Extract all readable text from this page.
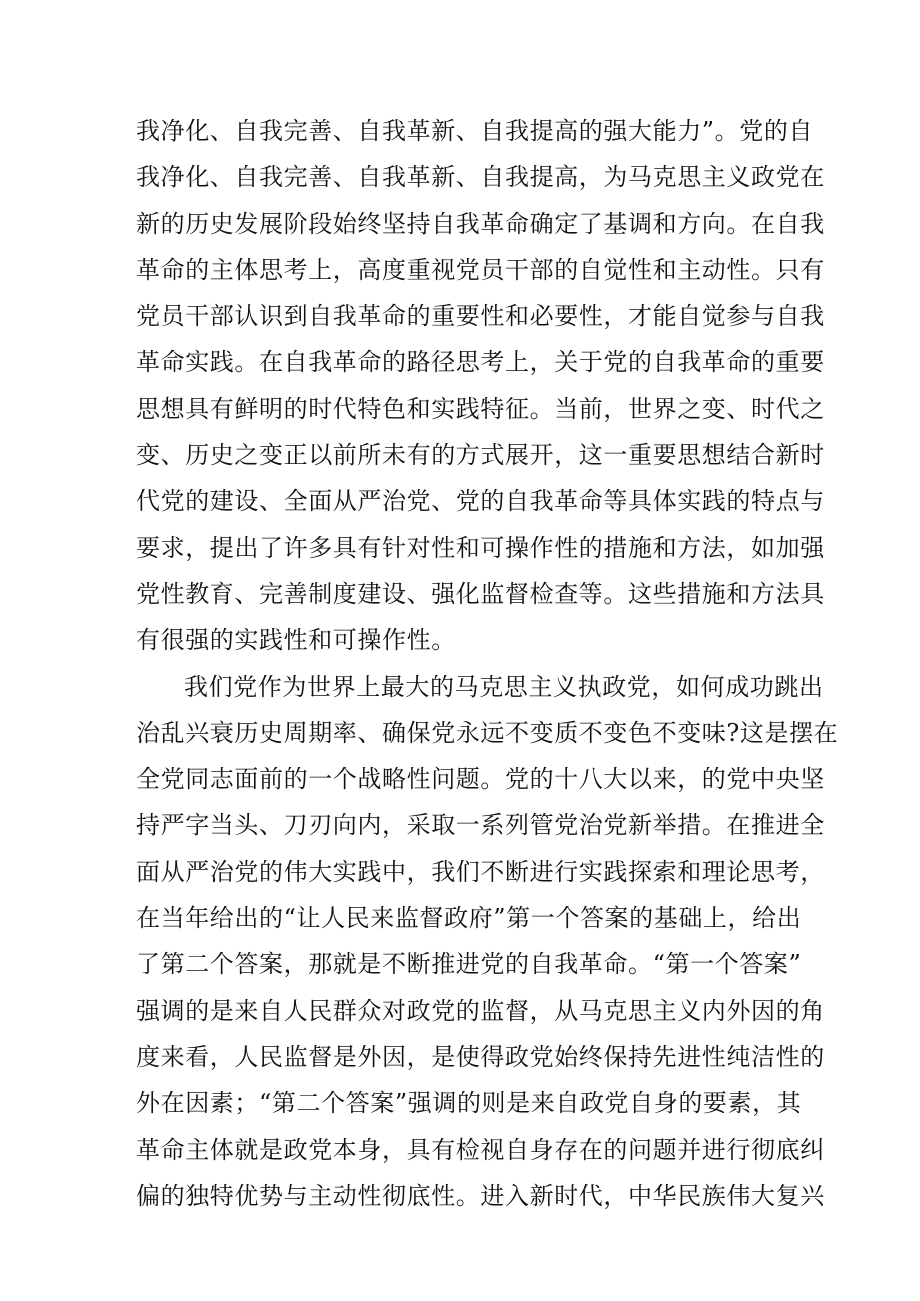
我净化、自我完善、自我革新、自我提高的强大能力”。党的自
我净化、自我完善、自我革新、自我提高，为马克思主义政党在
新的历史发展阶段始终坚持自我革命确定了基调和方向。在自我
革命的主体思考上，高度重视党员干部的自觉性和主动性。只有
党员干部认识到自我革命的重要性和必要性，才能自觉参与自我
革命实践。在自我革命的路径思考上，关于党的自我革命的重要
思想具有鲜明的时代特色和实践特征。当前，世界之变、时代之
变、历史之变正以前所未有的方式展开，这一重要思想结合新时
代党的建设、全面从严治党、党的自我革命等具体实践的特点与
要求，提出了许多具有针对性和可操作性的措施和方法，如加强
党性教育、完善制度建设、强化监督检查等。这些措施和方法具
有很强的实践性和可操作性。
我们党作为世界上最大的马克思主义执政党，如何成功跳出
治乱兴衰历史周期率、确保党永远不变质不变色不变味?这是摆在
全党同志面前的一个战略性问题。党的十八大以来，的党中央坚
持严字当头、刀刃向内，采取一系列管党治党新举措。在推进全
面从严治党的伟大实践中，我们不断进行实践探索和理论思考，
在当年给出的“让人民来监督政府”第一个答案的基础上，给出
了第二个答案，那就是不断推进党的自我革命。“第一个答案”
强调的是来自人民群众对政党的监督，从马克思主义内外因的角
度来看，人民监督是外因，是使得政党始终保持先进性纯洁性的
外在因素；“第二个答案”强调的则是来自政党自身的要素，其
革命主体就是政党本身，具有检视自身存在的问题并进行彻底纠
偏的独特优势与主动性彻底性。进入新时代，中华民族伟大复兴
